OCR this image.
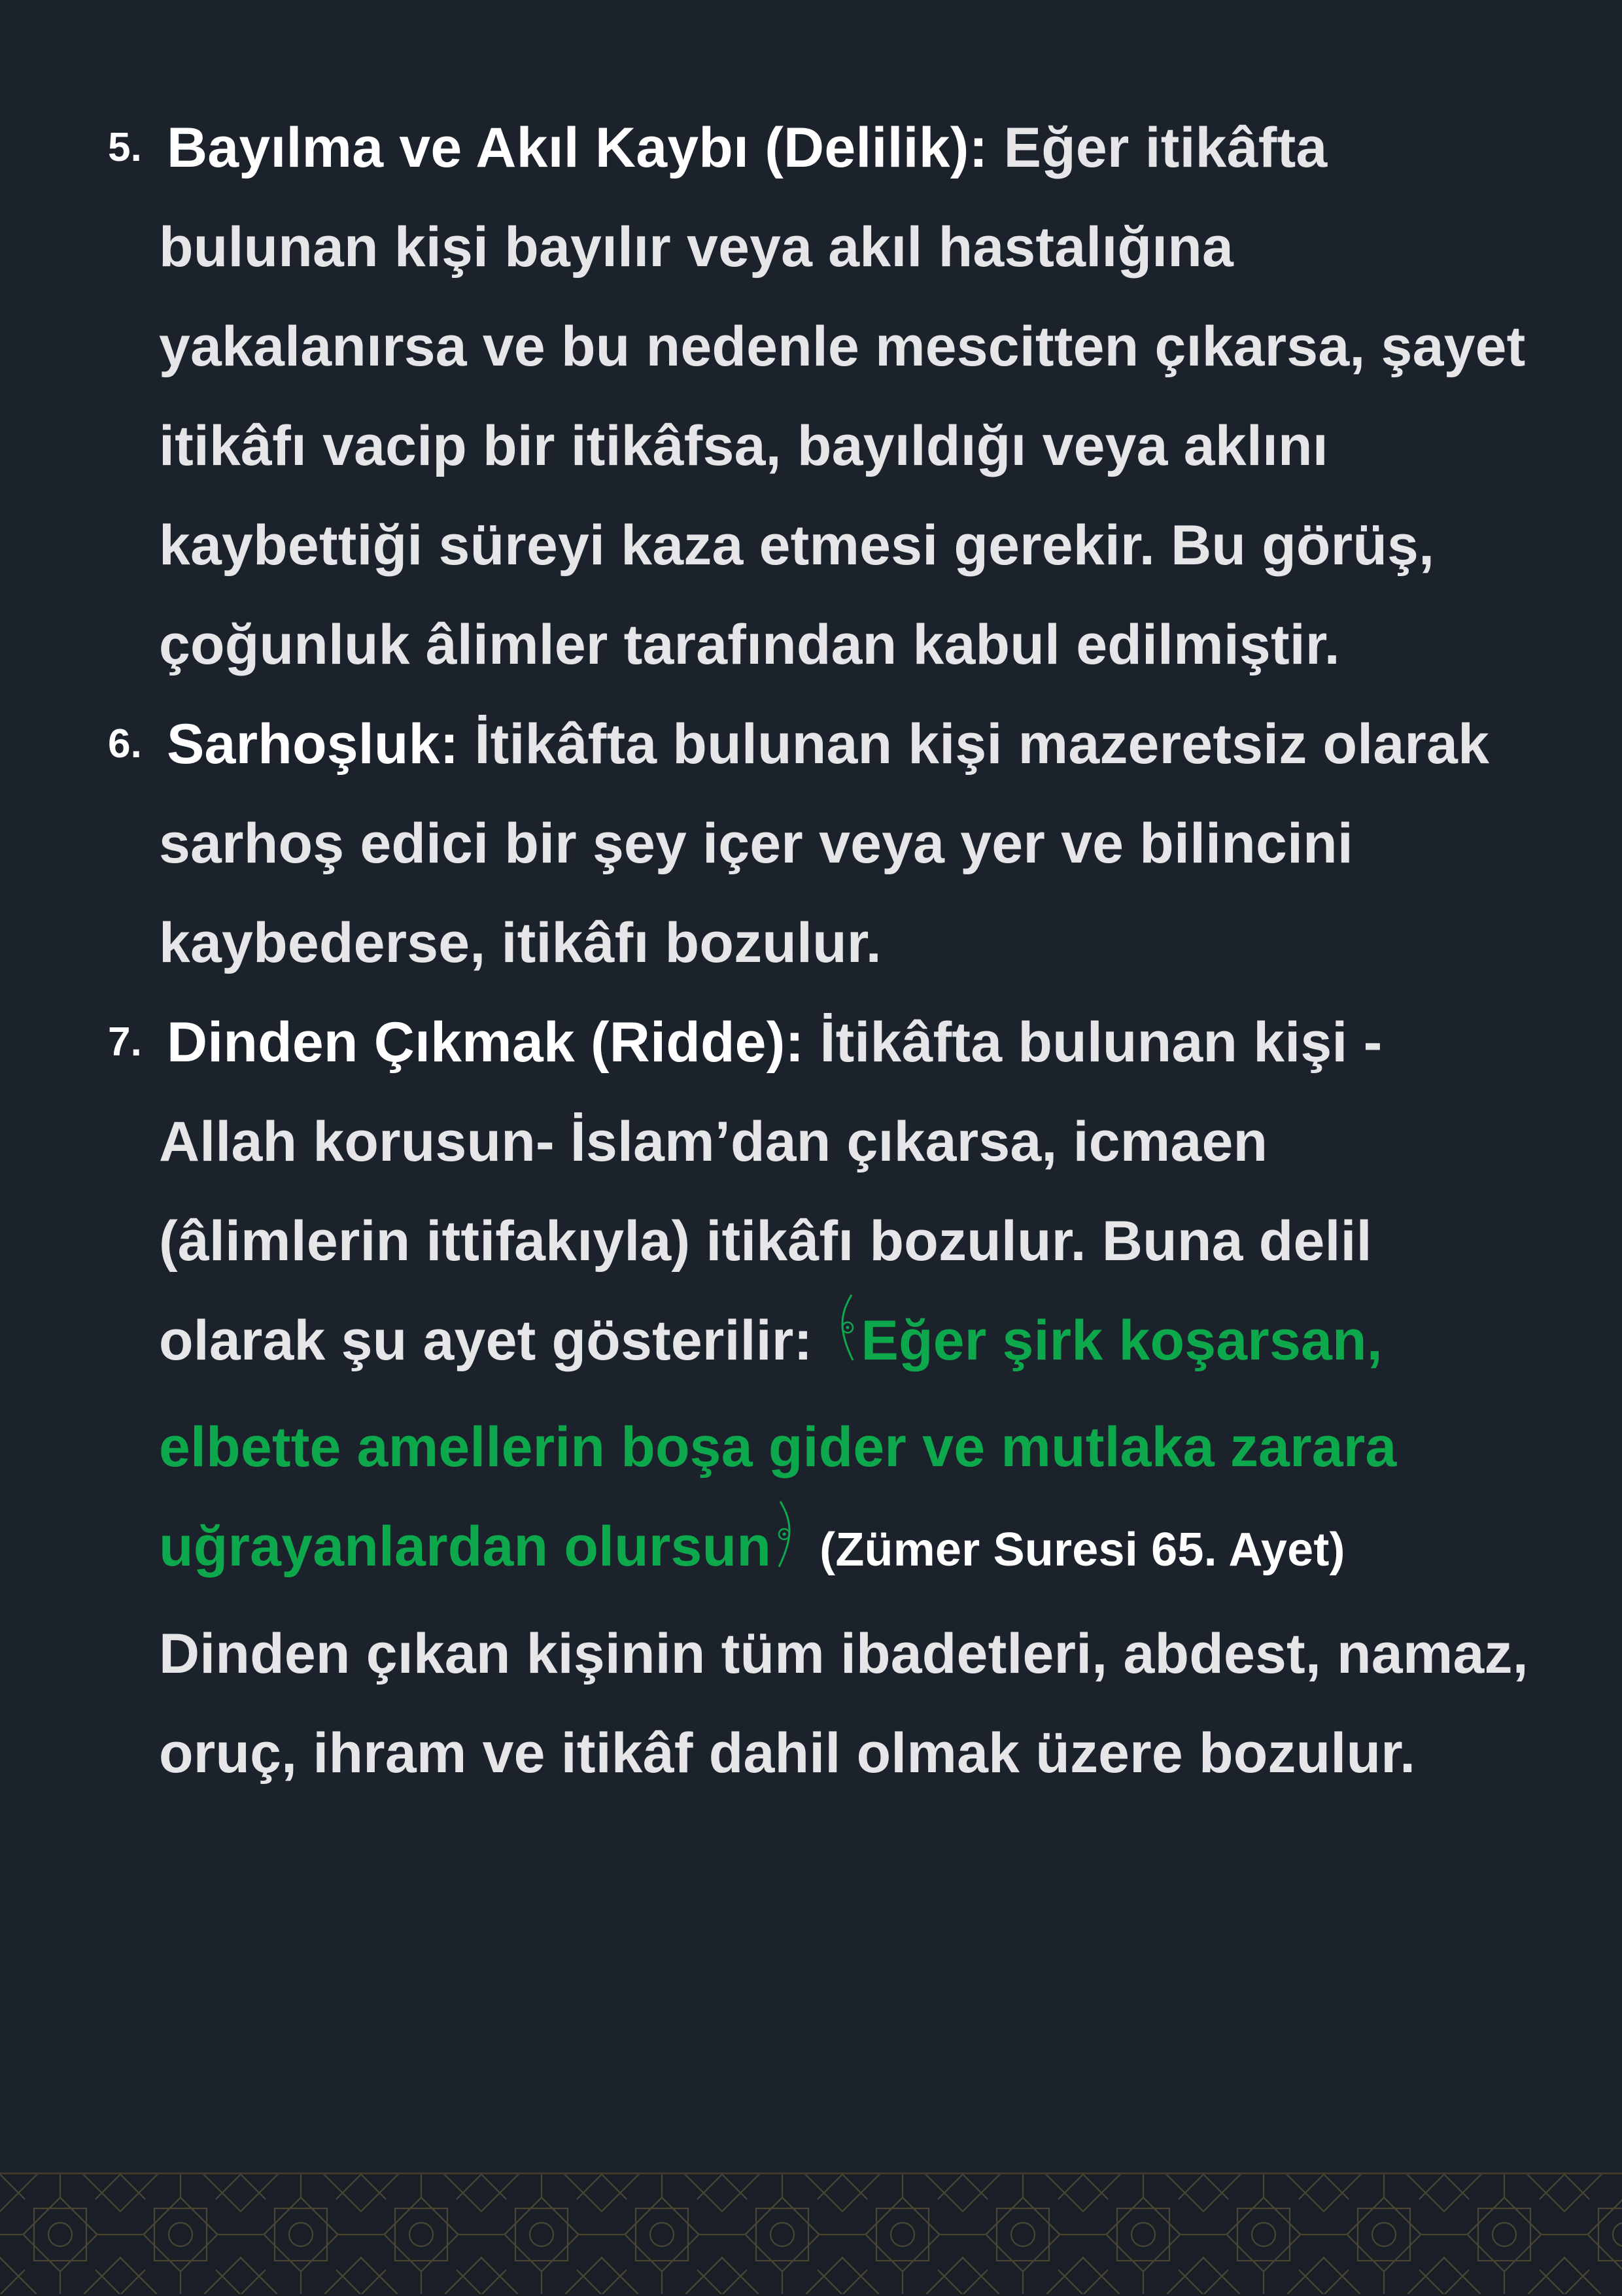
5. Bayılma ve Akıl Kaybı (Delilik): Eğer itikâfta bulunan kişi bayılır veya akıl hastalığına yakalanırsa ve bu nedenle mescitten çıkarsa, şayet itikâfı vacip bir itikâfsa, bayıldığı veya aklını kaybettiği süreyi kaza etmesi gerekir. Bu görüş, çoğunluk âlimler tarafından kabul edilmiştir.
6. Sarhoşluk: İtikâfta bulunan kişi mazeretsiz olarak sarhoş edici bir şey içer veya yer ve bilincini kaybederse, itikâfı bozulur.
7. Dinden Çıkmak (Ridde): İtikâfta bulunan kişi - Allah korusun- İslam’dan çıkarsa, icmaen (âlimlerin ittifakıyla) itikâfı bozulur. Buna delil olarak şu ayet gösterilir: Eğer şirk koşarsan, elbette amellerin boşa gider ve mutlaka zarara uğrayanlardan olursun (Zümer Suresi 65. Ayet)
Dinden çıkan kişinin tüm ibadetleri, abdest, namaz, oruç, ihram ve itikâf dahil olmak üzere bozulur.
